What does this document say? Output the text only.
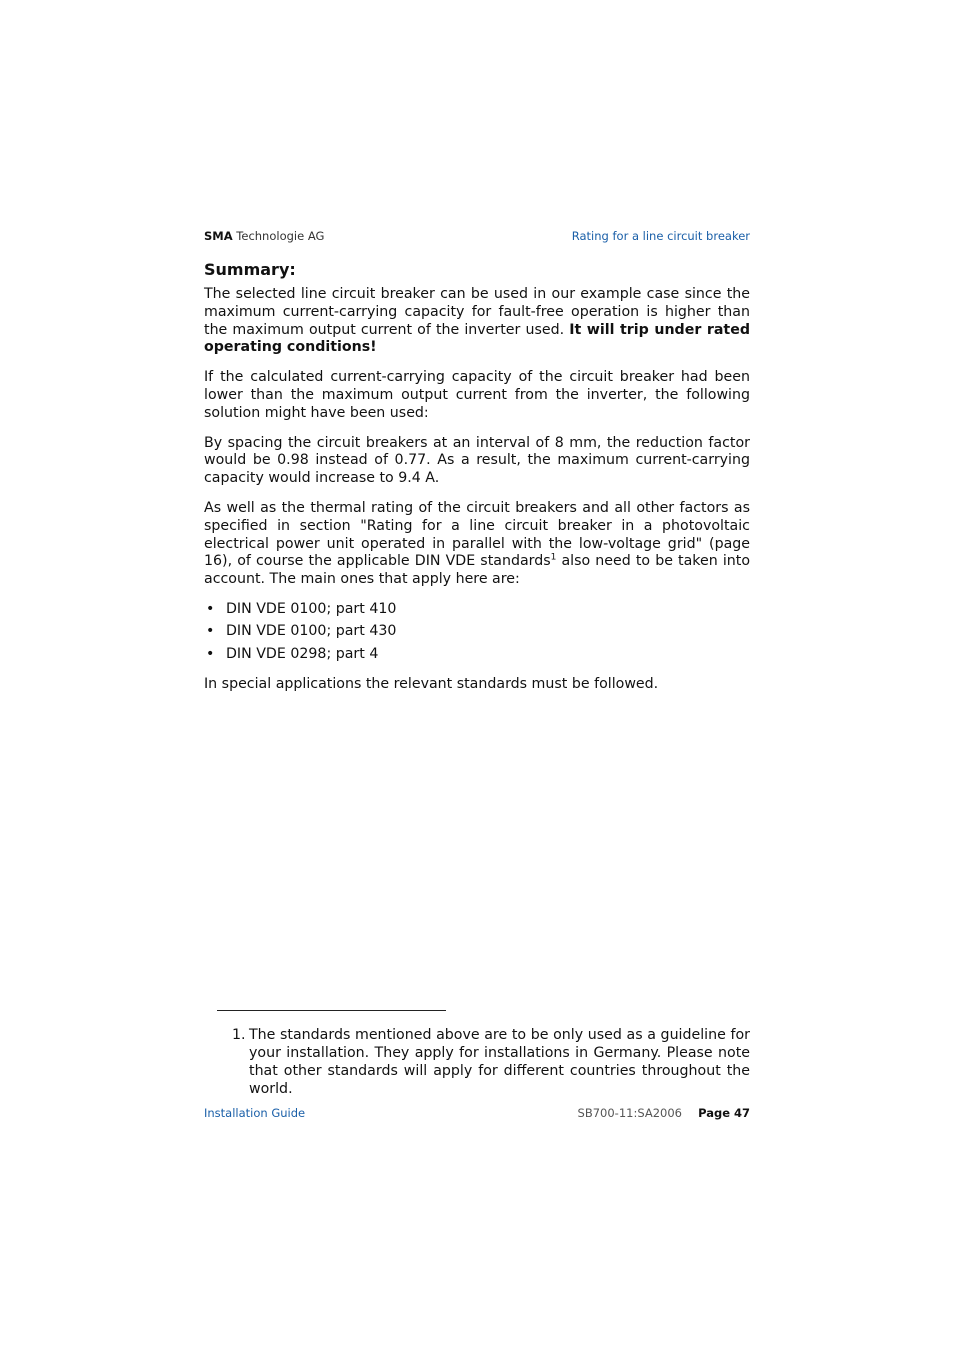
SMA Technologie AG	Rating for a line circuit breaker
Summary:

The selected line circuit breaker can be used in our example case since the maximum current-carrying capacity for fault-free operation is higher than the maximum output current of the inverter used. It will trip under rated operating conditions!

If the calculated current-carrying capacity of the circuit breaker had been lower than the maximum output current from the inverter, the following solution might have been used:

By spacing the circuit breakers at an interval of 8 mm, the reduction factor would be 0.98 instead of 0.77. As a result, the maximum current-carrying capacity would increase to 9.4 A.

As well as the thermal rating of the circuit breakers and all other factors as specified in section "Rating for a line circuit breaker in a photovoltaic electrical power unit operated in parallel with the low-voltage grid" (page 16), of course the applicable DIN VDE standards$^1$ also need to be taken into account. The main ones that apply here are:

• DIN VDE 0100; part 410
• DIN VDE 0100; part 430
• DIN VDE 0298; part 4

In special applications the relevant standards must be followed.

1. The standards mentioned above are to be only used as a guideline for your installation. They apply for installations in Germany. Please note that other standards will apply for different countries throughout the world.
Installation Guide	SB700-11:SA2006 Page 47
